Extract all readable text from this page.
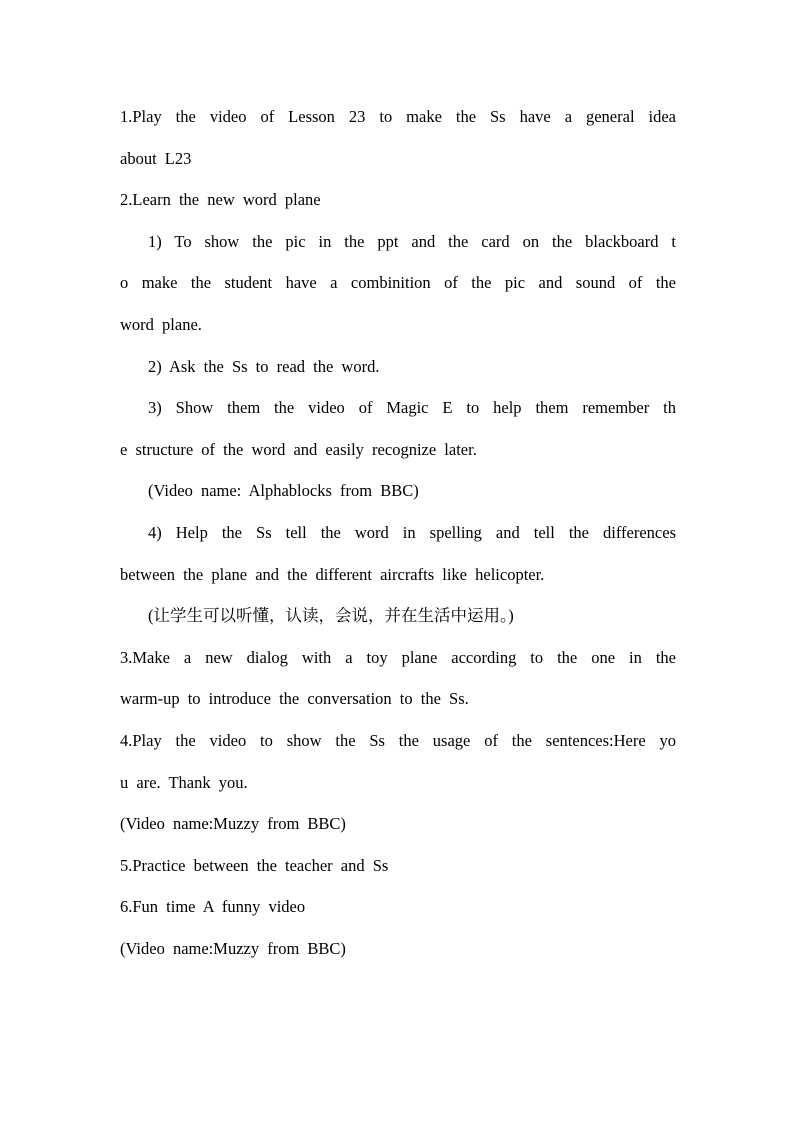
1.Play the video of Lesson 23 to make the Ss have a general idea
about L23
2.Learn the new word plane
1) To show the pic in the ppt and the card on the blackboard t
o make the student have a combinition of the pic and sound of the
word plane.
2) Ask the Ss to read the word.
3) Show them the video of Magic E to help them remember th
e structure of the word and easily recognize later.
(Video name: Alphablocks from BBC)
4) Help the Ss tell the word in spelling and tell the differences
between the plane and the different aircrafts like helicopter.
(让学生可以听懂，认读，会说，并在生活中运用。)
3.Make a new dialog with a toy plane according to the one in the
warm-up to introduce the conversation to the Ss.
4.Play the video to show the Ss the usage of the sentences:Here yo
u are. Thank you.
(Video name:Muzzy from BBC)
5.Practice between the teacher and Ss
6.Fun time A funny video
(Video name:Muzzy from BBC)
